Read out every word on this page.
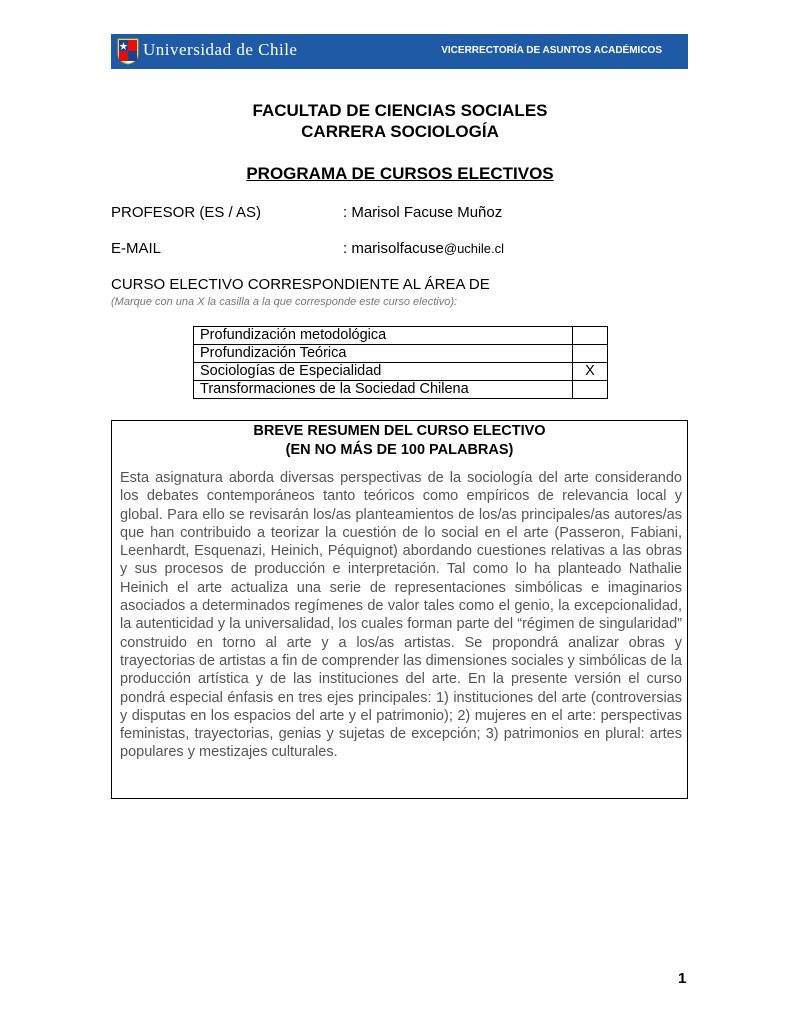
Universidad de Chile	VICERRECTORÍA DE ASUNTOS ACADÉMICOS
FACULTAD DE CIENCIAS SOCIALES
CARRERA SOCIOLOGÍA
PROGRAMA DE CURSOS ELECTIVOS
PROFESOR (ES / AS)	: Marisol Facuse Muñoz
E-MAIL	: marisolfacuse@uchile.cl
CURSO ELECTIVO CORRESPONDIENTE AL ÁREA DE
(Marque con una X la casilla a la que corresponde este curso electivo):
Profundización metodológica	
Profundización Teórica	
Sociologías de Especialidad	X
Transformaciones de la Sociedad Chilena	
BREVE RESUMEN DEL CURSO ELECTIVO
(EN NO MÁS DE 100 PALABRAS)

Esta asignatura aborda diversas perspectivas de la sociología del arte considerando los debates contemporáneos tanto teóricos como empíricos de relevancia local y global. Para ello se revisarán los/as planteamientos de los/as principales/as autores/as que han contribuido a teorizar la cuestión de lo social en el arte (Passeron, Fabiani, Leenhardt, Esquenazi, Heinich, Péquignot) abordando cuestiones relativas a las obras y sus procesos de producción e interpretación. Tal como lo ha planteado Nathalie Heinich el arte actualiza una serie de representaciones simbólicas e imaginarios asociados a determinados regímenes de valor tales como el genio, la excepcionalidad, la autenticidad y la universalidad, los cuales forman parte del “régimen de singularidad” construido en torno al arte y a los/as artistas. Se propondrá analizar obras y trayectorias de artistas a fin de comprender las dimensiones sociales y simbólicas de la producción artística y de las instituciones del arte. En la presente versión el curso pondrá especial énfasis en tres ejes principales: 1) instituciones del arte (controversias y disputas en los espacios del arte y el patrimonio); 2) mujeres en el arte: perspectivas feministas, trayectorias, genias y sujetas de excepción; 3) patrimonios en plural: artes populares y mestizajes culturales.

1
